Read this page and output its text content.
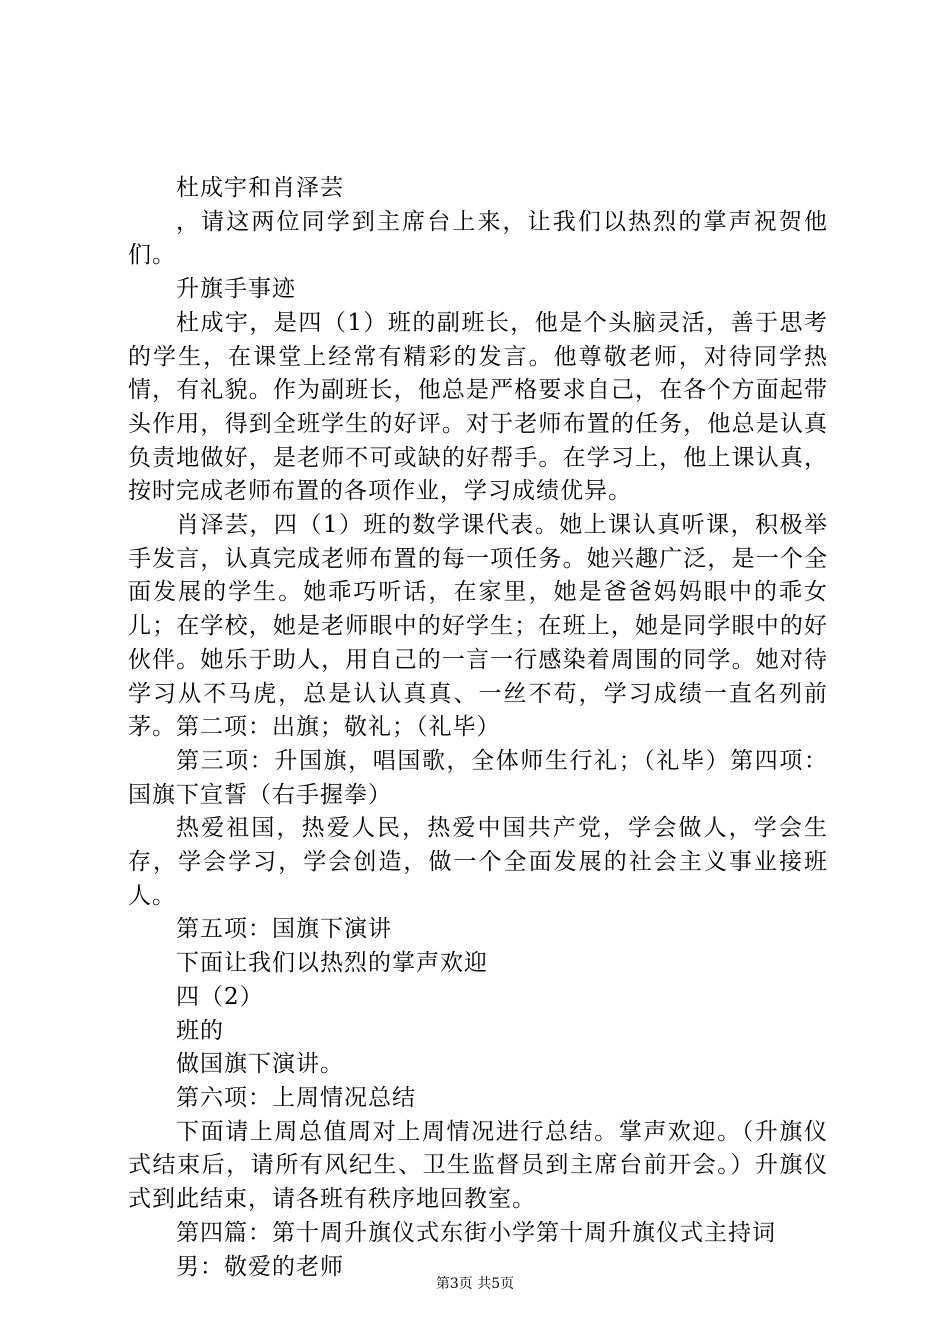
杜成宇和肖泽芸

，请这两位同学到主席台上来，让我们以热烈的掌声祝贺他们。

升旗手事迹

杜成宇，是四（1）班的副班长，他是个头脑灵活，善于思考的学生，在课堂上经常有精彩的发言。他尊敬老师，对待同学热情，有礼貌。作为副班长，他总是严格要求自己，在各个方面起带头作用，得到全班学生的好评。对于老师布置的任务，他总是认真负责地做好，是老师不可或缺的好帮手。在学习上，他上课认真，按时完成老师布置的各项作业，学习成绩优异。

肖泽芸，四（1）班的数学课代表。她上课认真听课，积极举手发言，认真完成老师布置的每一项任务。她兴趣广泛，是一个全面发展的学生。她乖巧听话，在家里，她是爸爸妈妈眼中的乖女儿；在学校，她是老师眼中的好学生；在班上，她是同学眼中的好伙伴。她乐于助人，用自己的一言一行感染着周围的同学。她对待学习从不马虎，总是认认真真、一丝不苟，学习成绩一直名列前茅。第二项：出旗；敬礼；（礼毕）

第三项：升国旗，唱国歌，全体师生行礼；（礼毕）第四项：国旗下宣誓（右手握拳）

热爱祖国，热爱人民，热爱中国共产党，学会做人，学会生存，学会学习，学会创造，做一个全面发展的社会主义事业接班人。

第五项：国旗下演讲

下面让我们以热烈的掌声欢迎

四（2）

班的

做国旗下演讲。

第六项：上周情况总结

下面请上周总值周对上周情况进行总结。掌声欢迎。（升旗仪式结束后，请所有风纪生、卫生监督员到主席台前开会。）升旗仪式到此结束，请各班有秩序地回教室。

第四篇：第十周升旗仪式东街小学第十周升旗仪式主持词

男：敬爱的老师

第3页 共5页
